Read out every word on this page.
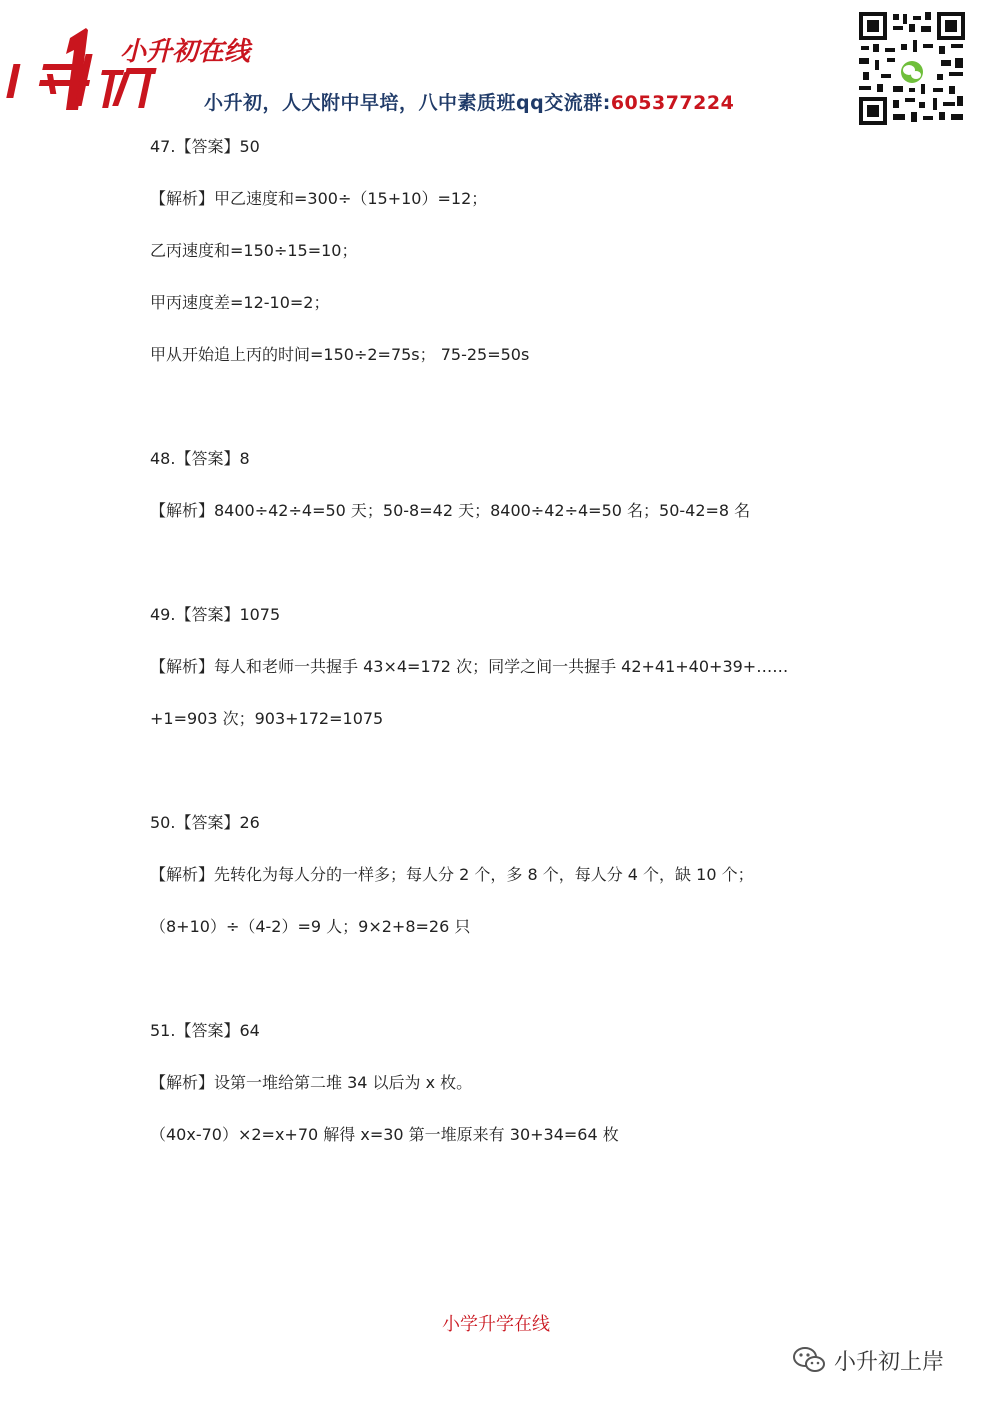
小升初在线
小升初，人大附中早培，八中素质班qq交流群:605377224
47.【答案】50
【解析】甲乙速度和=300÷（15+10）=12；
乙丙速度和=150÷15=10；
甲丙速度差=12-10=2；
甲从开始追上丙的时间=150÷2=75s； 75-25=50s
48.【答案】8
【解析】8400÷42÷4=50 天；50-8=42 天；8400÷42÷4=50 名；50-42=8 名
49.【答案】1075
【解析】每人和老师一共握手 43×4=172 次；同学之间一共握手 42+41+40+39+……
+1=903 次；903+172=1075
50.【答案】26
【解析】先转化为每人分的一样多；每人分 2 个，多 8 个，每人分 4 个，缺 10 个；
（8+10）÷（4-2）=9 人；9×2+8=26 只
51.【答案】64
【解析】设第一堆给第二堆 34 以后为 x 枚。
（40x-70）×2=x+70 解得 x=30 第一堆原来有 30+34=64 枚
小学升学在线
小升初上岸
